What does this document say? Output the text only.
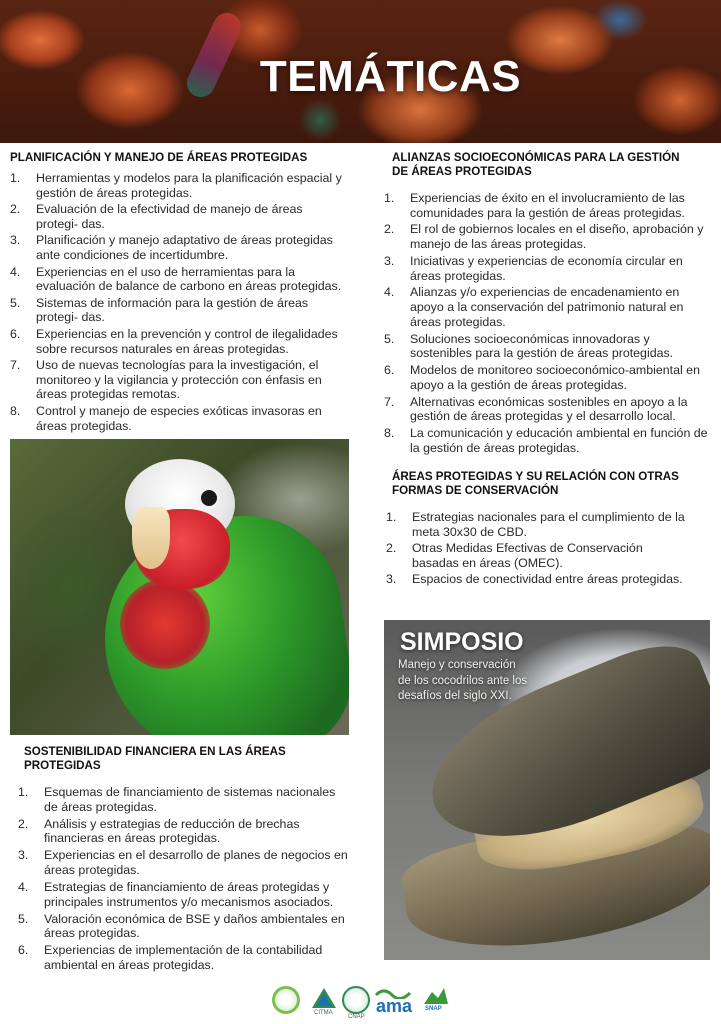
TEMÁTICAS
PLANIFICACIÓN Y MANEJO DE ÁREAS PROTEGIDAS
1. Herramientas y modelos para la planificación espacial y gestión de áreas protegidas.
2. Evaluación de la efectividad de manejo de áreas protegi- das.
3. Planificación y manejo adaptativo de áreas protegidas ante condiciones de incertidumbre.
4. Experiencias en el uso de herramientas para la evaluación de balance de carbono en áreas protegidas.
5. Sistemas de información para la gestión de áreas protegi- das.
6. Experiencias en la prevención y control de ilegalidades sobre recursos naturales en áreas protegidas.
7. Uso de nuevas tecnologías para la investigación, el monitoreo y la vigilancia y protección con énfasis en áreas protegidas remotas.
8. Control y manejo de especies exóticas invasoras en áreas protegidas.
ALIANZAS SOCIOECONÓMICAS PARA LA GESTIÓN
DE ÁREAS PROTEGIDAS
1. Experiencias de éxito en el involucramiento de las comunidades para la gestión de áreas protegidas.
2. El rol de gobiernos locales en el diseño, aprobación y manejo de las áreas protegidas.
3. Iniciativas y experiencias de economía circular en áreas protegidas.
4. Alianzas y/o experiencias de encadenamiento en apoyo a la conservación del patrimonio natural en áreas protegidas.
5. Soluciones socioeconómicas innovadoras y sostenibles para la gestión de áreas protegidas.
6. Modelos de monitoreo socioeconómico-ambiental en apoyo a la gestión de áreas protegidas.
7. Alternativas económicas sostenibles en apoyo a la gestión de áreas protegidas y el desarrollo local.
8. La comunicación y educación ambiental en función de la gestión de áreas protegidas.
ÁREAS PROTEGIDAS Y SU RELACIÓN CON OTRAS
FORMAS DE CONSERVACIÓN
1. Estrategias nacionales para el cumplimiento de la meta 30x30 de CBD.
2. Otras Medidas Efectivas de Conservación basadas en áreas (OMEC).
3. Espacios de conectividad entre áreas protegidas.
SIMPOSIO
Manejo y conservación de los cocodrilos ante los desafíos del siglo XXI.
SOSTENIBILIDAD FINANCIERA EN LAS ÁREAS PROTEGIDAS
1. Esquemas de financiamiento de sistemas nacionales de áreas protegidas.
2. Análisis y estrategias de reducción de brechas financieras en áreas protegidas.
3. Experiencias en el desarrollo de planes de negocios en áreas protegidas.
4. Estrategias de financiamiento de áreas protegidas y principales instrumentos y/o mecanismos asociados.
5. Valoración económica de BSE y daños ambientales en áreas protegidas.
6. Experiencias de implementación de la contabilidad ambiental en áreas protegidas.
CITMA
CNAP
ama SNAP
